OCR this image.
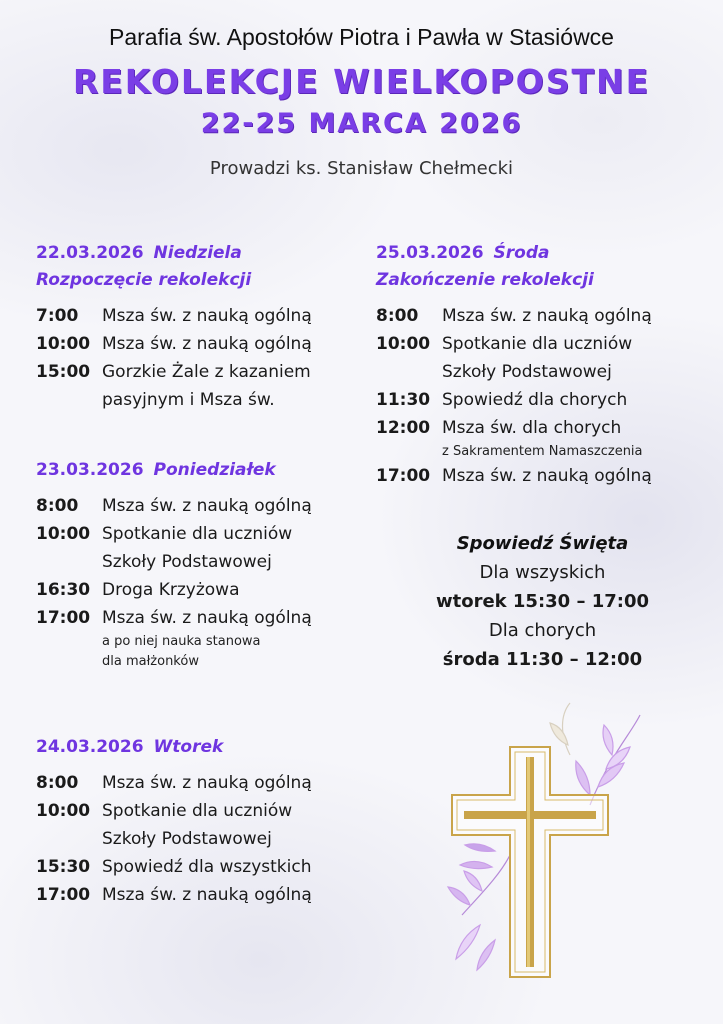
Parafia św. Apostołów Piotra i Pawła w Stasiówce
REKOLEKCJE WIELKOPOSTNE
22-25 MARCA 2026
Prowadzi ks. Stanisław Chełmecki
22.03.2026 Niedziela
Rozpoczęcie rekolekcji
7:00	Msza św. z nauką ogólną
10:00 Msza św. z nauką ogólną
15:00 Gorzkie Żale z kazaniem
pasyjnym i Msza św.
23.03.2026 Poniedziałek
8:00	Msza św. z nauką ogólną
10:00 Spotkanie dla uczniów
Szkoły Podstawowej
16:30 Droga Krzyżowa
17:00 Msza św. z nauką ogólną
a po niej nauka stanowa
dla małżonków
24.03.2026 Wtorek
8:00	Msza św. z nauką ogólną
10:00 Spotkanie dla uczniów
Szkoły Podstawowej
15:30 Spowiedź dla wszystkich
17:00 Msza św. z nauką ogólną
25.03.2026 Środa
Zakończenie rekolekcji
8:00	Msza św. z nauką ogólną
10:00 Spotkanie dla uczniów
Szkoły Podstawowej
11:30 Spowiedź dla chorych
12:00 Msza św. dla chorych
z Sakramentem Namaszczenia
17:00 Msza św. z nauką ogólną
Spowiedź Święta
Dla wszyskich
wtorek 15:30 – 17:00
Dla chorych
środa 11:30 – 12:00
